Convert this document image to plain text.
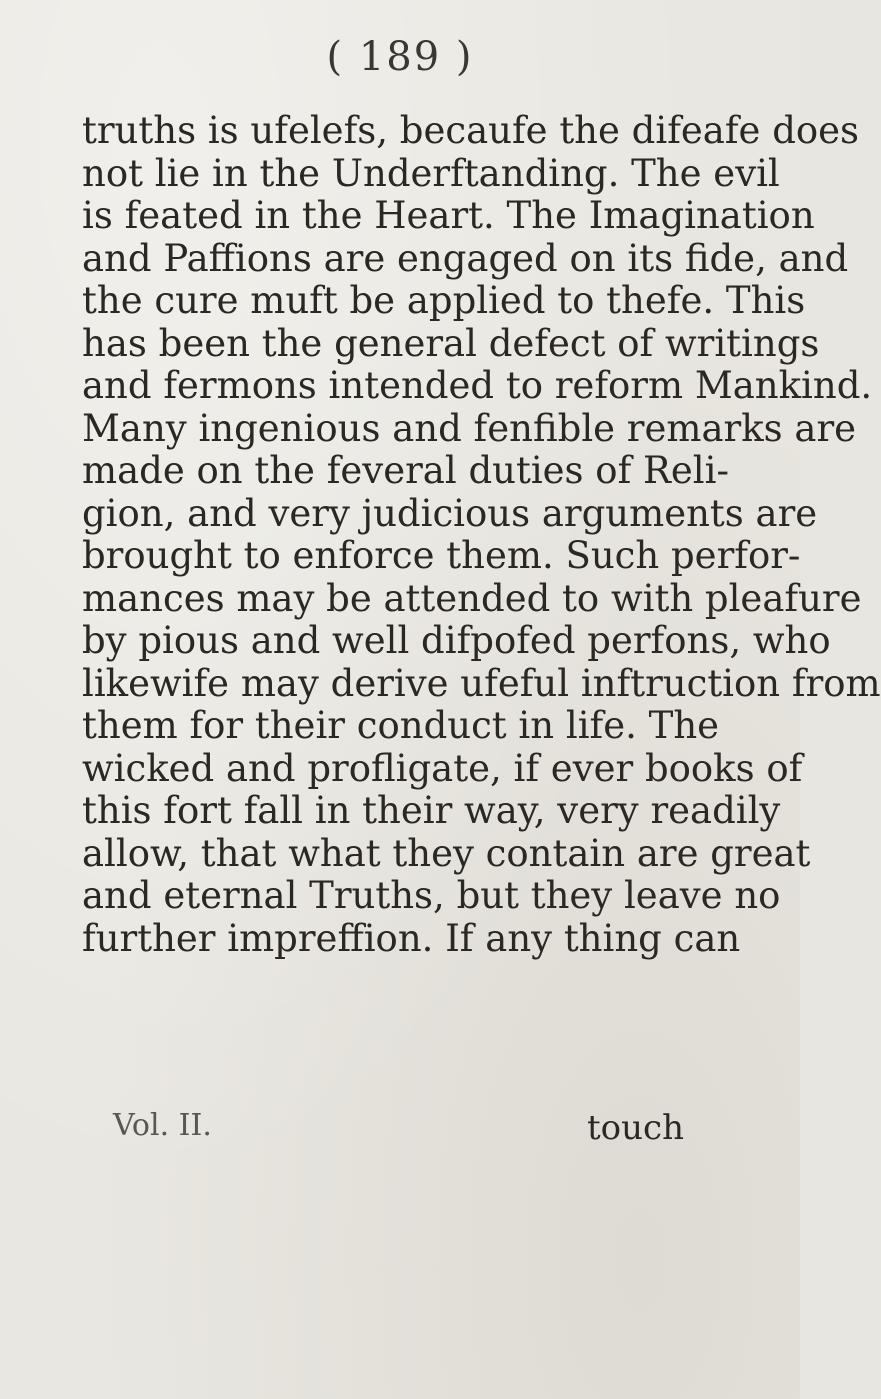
( 189 )
truths is ufelefs, becaufe the difeafe does
not lie in the Underftanding. The evil
is feated in the Heart. The Imagination
and Paffions are engaged on its fide, and
the cure muft be applied to thefe. This
has been the general defect of writings
and fermons intended to reform Mankind.
Many ingenious and fenfible remarks are
made on the feveral duties of Reli-
gion, and very judicious arguments are
brought to enforce them. Such perfor-
mances may be attended to with pleafure
by pious and well difpofed perfons, who
likewife may derive ufeful inftruction from
them for their conduct in life. The
wicked and profligate, if ever books of
this fort fall in their way, very readily
allow, that what they contain are great
and eternal Truths, but they leave no
further impreffion. If any thing can
Vol. II.	touch
